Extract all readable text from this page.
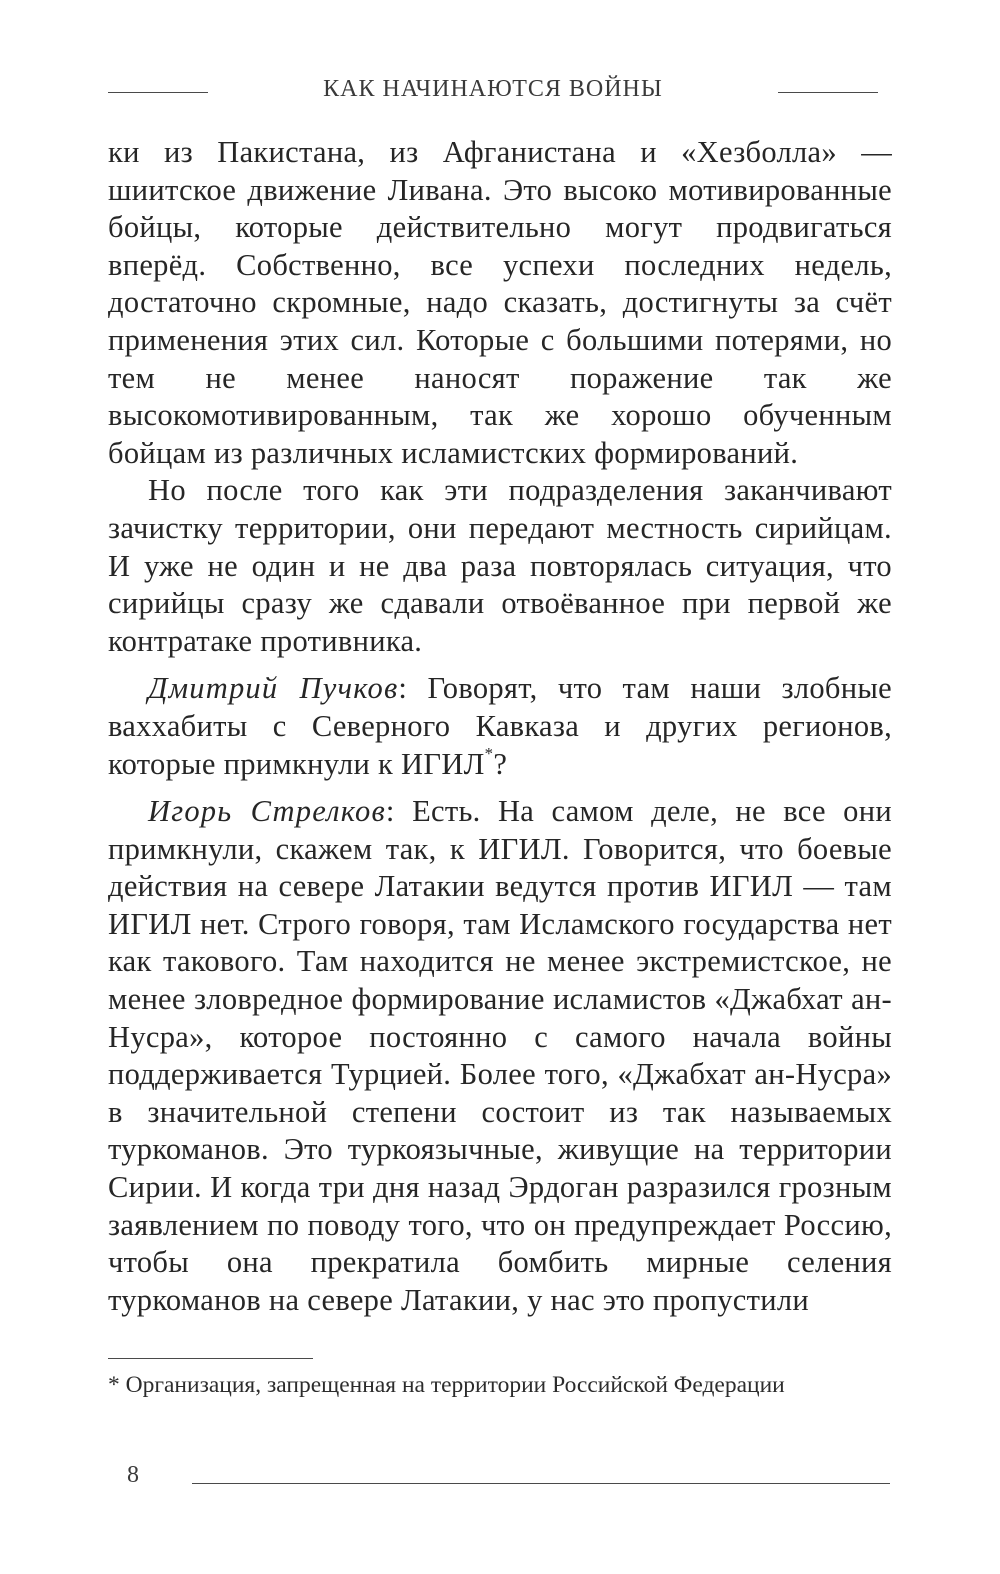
КАК НАЧИНАЮТСЯ ВОЙНЫ

ки из Пакистана, из Афганистана и «Хезболла» — шиитское движение Ливана. Это высоко мотивированные бойцы, которые действительно могут продвигаться вперёд. Собственно, все успехи последних недель, достаточно скромные, надо сказать, достигнуты за счёт применения этих сил. Которые с большими потерями, но тем не менее наносят поражение так же высокомотивированным, так же хорошо обученным бойцам из различных исламистских формирований.

Но после того как эти подразделения заканчивают зачистку территории, они передают местность сирийцам. И уже не один и не два раза повторялась ситуация, что сирийцы сразу же сдавали отвоёванное при первой же контратаке противника.

Дмитрий Пучков: Говорят, что там наши злобные ваххабиты с Северного Кавказа и других регионов, которые примкнули к ИГИЛ*?

Игорь Стрелков: Есть. На самом деле, не все они примкнули, скажем так, к ИГИЛ. Говорится, что боевые действия на севере Латакии ведутся против ИГИЛ — там ИГИЛ нет. Строго говоря, там Исламского государства нет как такового. Там находится не менее экстремистское, не менее зловредное формирование исламистов «Джабхат ан-Нусра», которое постоянно с самого начала войны поддерживается Турцией. Более того, «Джабхат ан-Нусра» в значительной степени состоит из так называемых туркоманов. Это туркоязычные, живущие на территории Сирии. И когда три дня назад Эрдоган разразился грозным заявлением по поводу того, что он предупреждает Россию, чтобы она прекратила бомбить мирные селения туркоманов на севере Латакии, у нас это пропустили

* Организация, запрещенная на территории Российской Федерации

8
